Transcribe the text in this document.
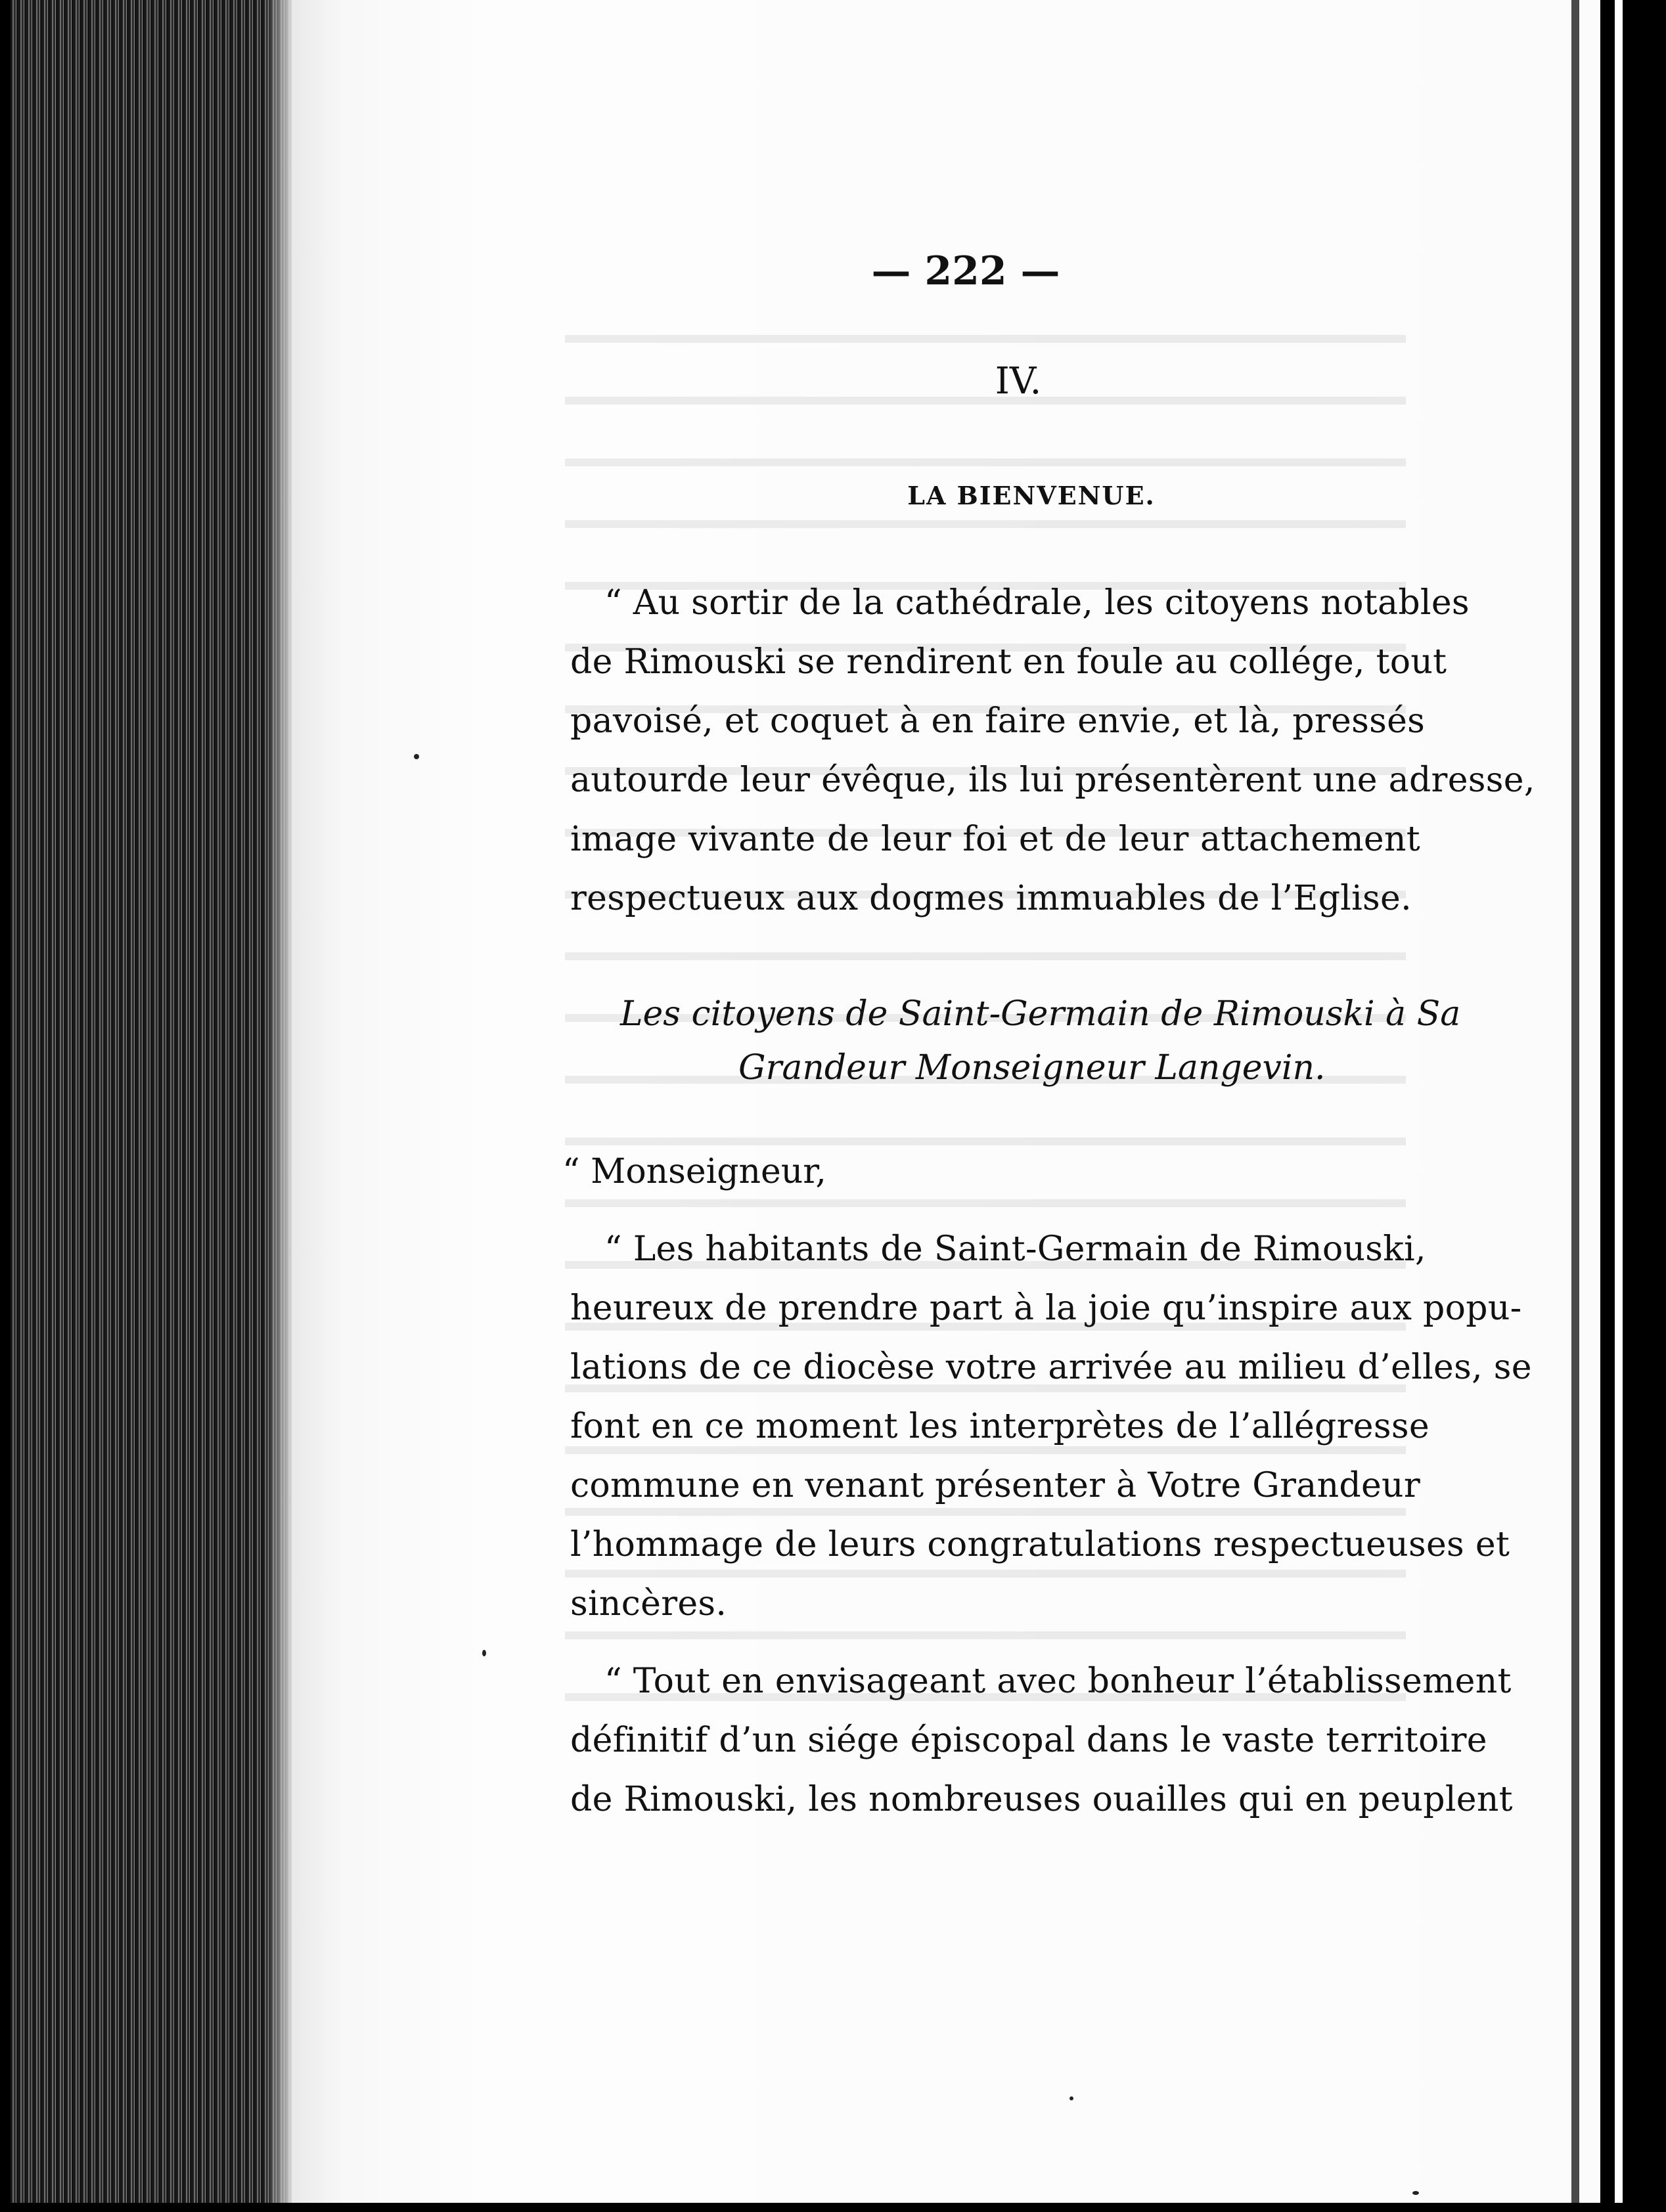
— 222 —
IV.
LA BIENVENUE.
“ Au sortir de la cathédrale, les citoyens notables
de Rimouski se rendirent en foule au collége, tout
pavoisé, et coquet à en faire envie, et là, pressés
autourde leur évêque, ils lui présentèrent une adresse,
image vivante de leur foi et de leur attachement
respectueux aux dogmes immuables de l’Eglise.
Les citoyens de Saint-Germain de Rimouski à Sa
Grandeur Monseigneur Langevin.
“ Monseigneur,
“ Les habitants de Saint-Germain de Rimouski,
heureux de prendre part à la joie qu’inspire aux popu-
lations de ce diocèse votre arrivée au milieu d’elles, se
font en ce moment les interprètes de l’allégresse
commune en venant présenter à Votre Grandeur
l’hommage de leurs congratulations respectueuses et
sincères.
“ Tout en envisageant avec bonheur l’établissement
définitif d’un siége épiscopal dans le vaste territoire
de Rimouski, les nombreuses ouailles qui en peuplent
